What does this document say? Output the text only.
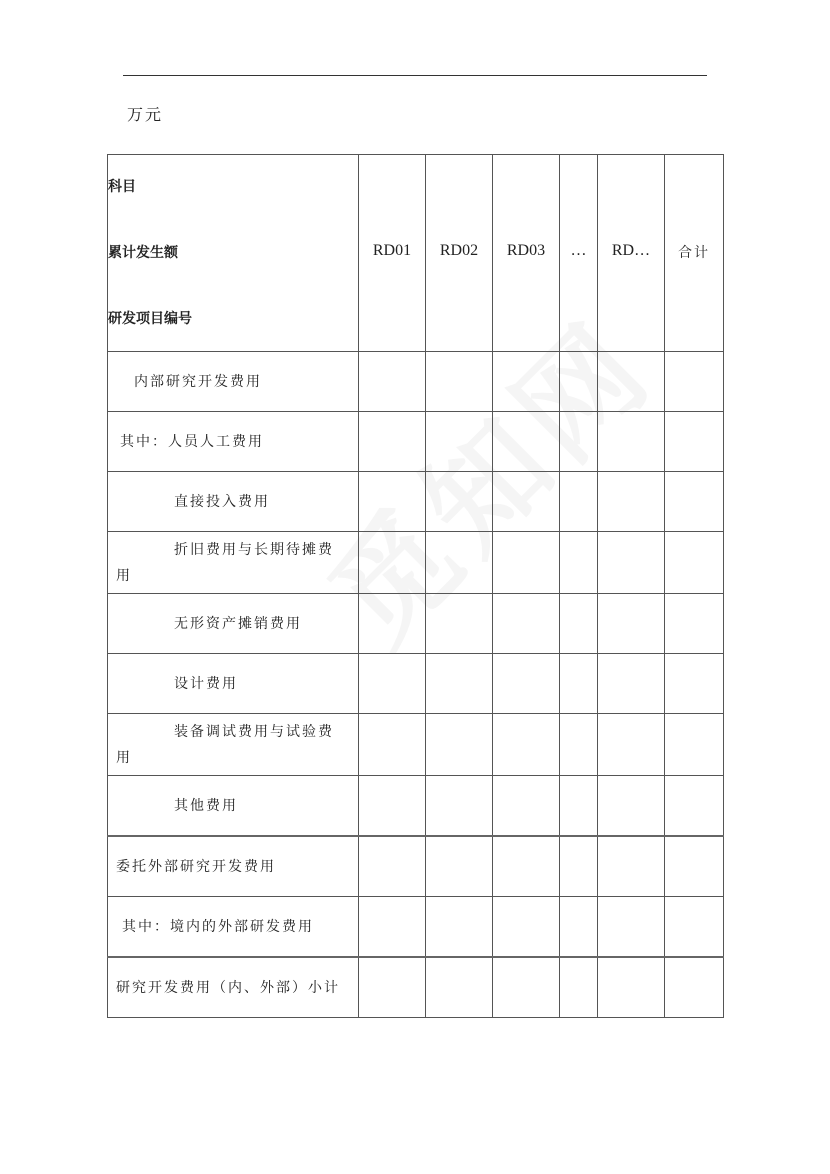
万元
觅知网
科目
累计发生额
研发项目编号	RD01	RD02	RD03	…	RD…	合计
内部研究开发费用						
其中：人员人工费用						
直接投入费用						

折旧费用与长期待摊费
用						
无形资产摊销费用						
设计费用						

装备调试费用与试验费
用						
其他费用						
委托外部研究开发费用						
其中：境内的外部研发费用						
研究开发费用（内、外部）小计						
